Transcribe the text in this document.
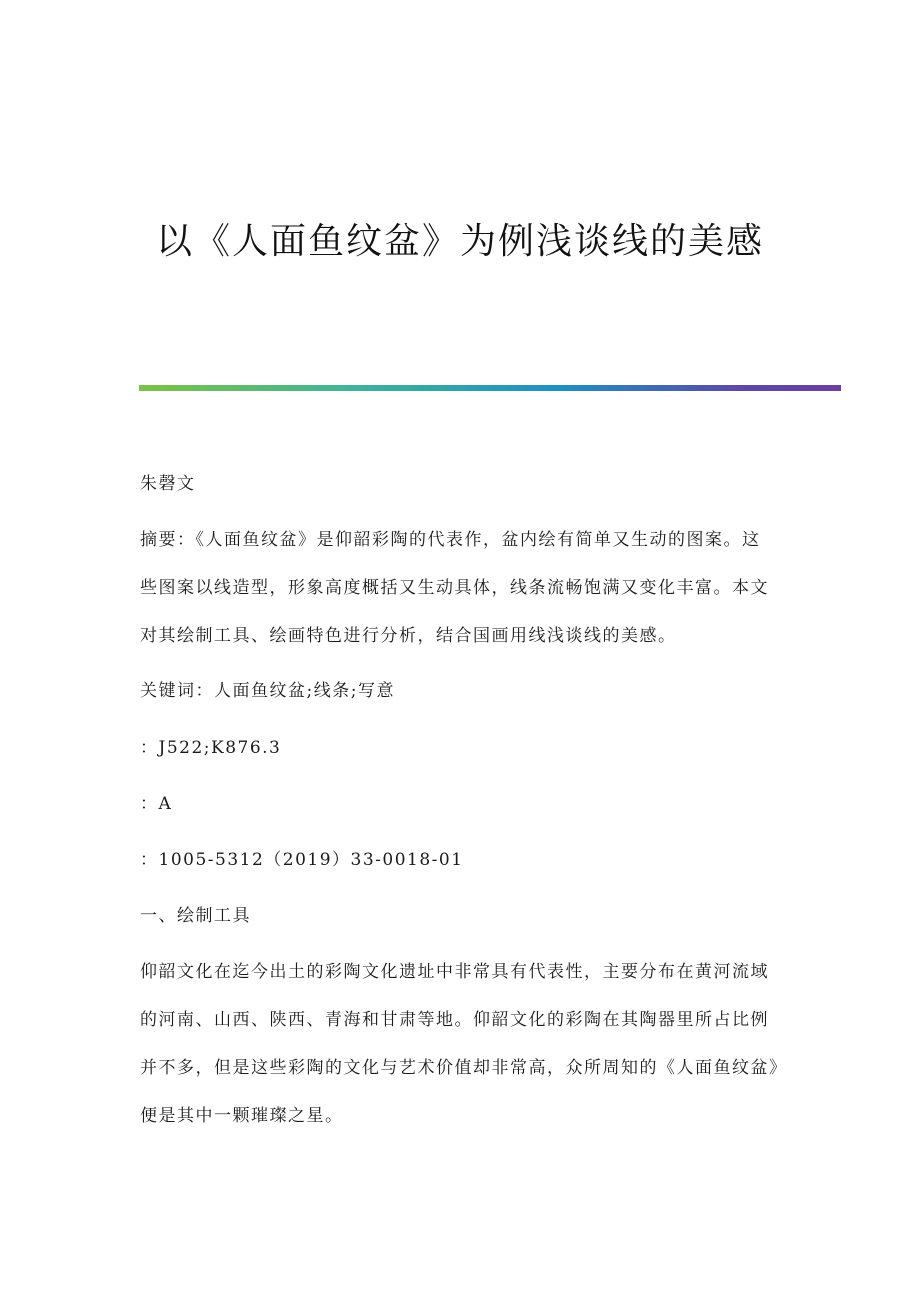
以《人面鱼纹盆》为例浅谈线的美感

朱磬文

摘要：《人面鱼纹盆》是仰韶彩陶的代表作，盆内绘有简单又生动的图案。这

些图案以线造型，形象高度概括又生动具体，线条流畅饱满又变化丰富。本文

对其绘制工具、绘画特色进行分析，结合国画用线浅谈线的美感。

关键词：人面鱼纹盆;线条;写意

：J522;K876.3

：A

：1005-5312（2019）33-0018-01

一、绘制工具

仰韶文化在迄今出土的彩陶文化遗址中非常具有代表性，主要分布在黄河流域

的河南、山西、陕西、青海和甘肃等地。仰韶文化的彩陶在其陶器里所占比例

并不多，但是这些彩陶的文化与艺术价值却非常高，众所周知的《人面鱼纹盆》

便是其中一颗璀璨之星。
